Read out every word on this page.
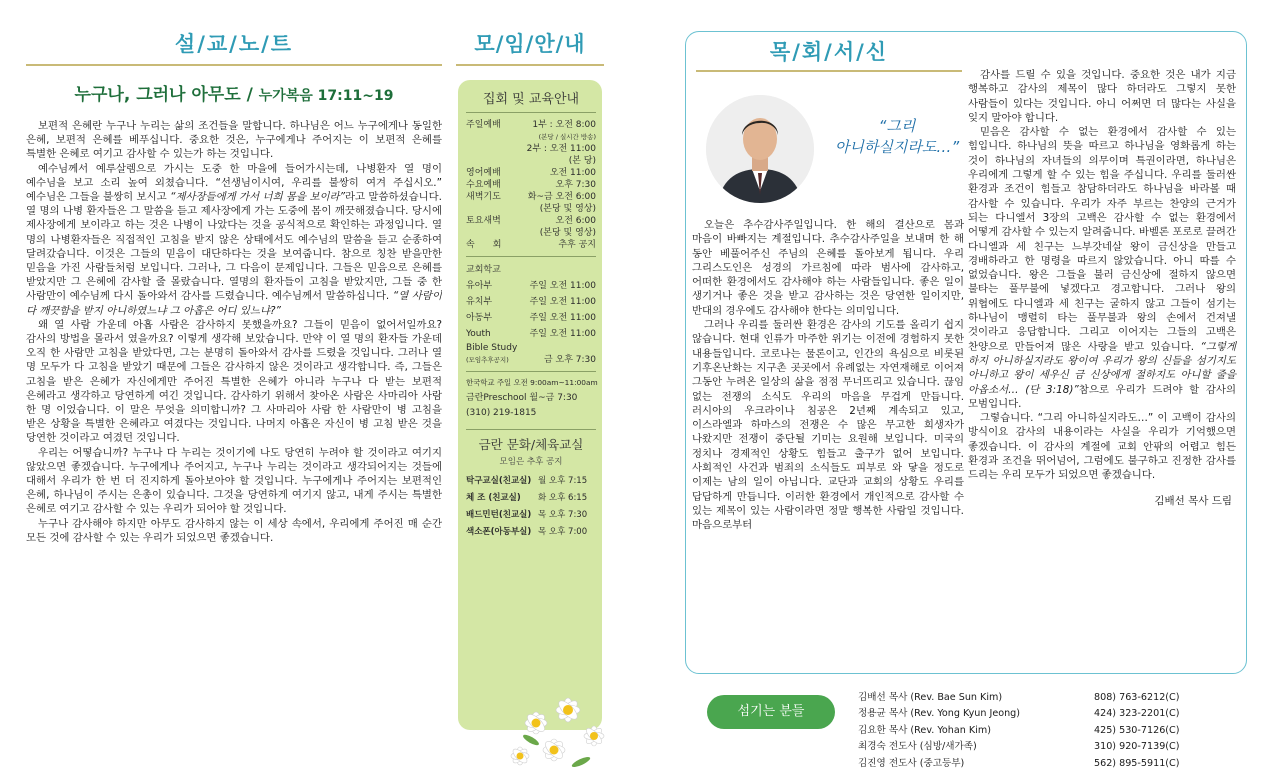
설/교/노/트
누구나, 그러나 아무도 / 누가복음 17:11~19

보편적 은혜란 누구나 누리는 삶의 조건들을 말합니다. 하나님은 어느 누구에게나 동일한 은혜, 보편적 은혜를 베푸십니다. 중요한 것은, 누구에게나 주어지는 이 보편적 은혜를 특별한 은혜로 여기고 감사할 수 있는가 하는 것입니다.

예수님께서 예루살렘으로 가시는 도중 한 마을에 들어가시는데, 나병환자 열 명이 예수님을 보고 소리 높여 외쳤습니다. “선생님이시여, 우리를 불쌍히 여겨 주십시오.” 예수님은 그들을 불쌍히 보시고 “제사장들에게 가서 너희 몸을 보이라”라고 말씀하셨습니다. 열 명의 나병 환자들은 그 말씀을 듣고 제사장에게 가는 도중에 몸이 깨끗해졌습니다. 당시에 제사장에게 보이라고 하는 것은 나병이 나았다는 것을 공식적으로 확인하는 과정입니다. 열 명의 나병환자들은 직접적인 고침을 받지 않은 상태에서도 예수님의 말씀을 듣고 순종하여 달려갔습니다. 이것은 그들의 믿음이 대단하다는 것을 보여줍니다. 참으로 칭찬 받을만한 믿음을 가진 사람들처럼 보입니다. 그러나, 그 다음이 문제입니다. 그들은 믿음으로 은혜를 받았지만 그 은혜에 감사할 줄 몰랐습니다. 열명의 환자들이 고침을 받았지만, 그들 중 한 사람만이 예수님께 다시 돌아와서 감사를 드렸습니다. 예수님께서 말씀하십니다. “열 사람이 다 깨끗함을 받지 아니하였느냐 그 아홉은 어디 있느냐?”

왜 열 사람 가운데 아홉 사람은 감사하지 못했을까요? 그들이 믿음이 없어서일까요? 감사의 방법을 몰라서 였을까요? 이렇게 생각해 보았습니다. 만약 이 열 명의 환자들 가운데 오직 한 사람만 고침을 받았다면, 그는 분명히 돌아와서 감사를 드렸을 것입니다. 그러나 열 명 모두가 다 고침을 받았기 때문에 그들은 감사하지 않은 것이라고 생각합니다. 즉, 그들은 고침을 받은 은혜가 자신에게만 주어진 특별한 은혜가 아니라 누구나 다 받는 보편적 은혜라고 생각하고 당연하게 여긴 것입니다. 감사하기 위해서 찾아온 사람은 사마리아 사람 한 명 이었습니다. 이 말은 무엇을 의미합니까? 그 사마리아 사람 한 사람만이 병 고침을 받은 상황을 특별한 은혜라고 여겼다는 것입니다. 나머지 아홉은 자신이 병 고침 받은 것을 당연한 것이라고 여겼던 것입니다.

우리는 어떻습니까? 누구나 다 누리는 것이기에 나도 당연히 누려야 할 것이라고 여기지 않았으면 좋겠습니다. 누구에게나 주어지고, 누구나 누리는 것이라고 생각되어지는 것들에 대해서 우리가 한 번 더 진지하게 돌아보아야 할 것입니다. 누구에게나 주어지는 보편적인 은혜, 하나님이 주시는 은총이 있습니다. 그것을 당연하게 여기지 않고, 내게 주시는 특별한 은혜로 여기고 감사할 수 있는 우리가 되어야 할 것입니다.

누구나 감사해야 하지만 아무도 감사하지 않는 이 세상 속에서, 우리에게 주어진 매 순간 모든 것에 감사할 수 있는 우리가 되었으면 좋겠습니다.

모/임/안/내
집회 및 교육안내
주일예배	1부 : 오전 8:00
(본당 / 실시간 방송)
2부 : 오전 11:00
(본 당)
영어예배	오전 11:00
수요예배	오후 7:30
새벽기도	화~금 오전 6:00
(본당 및 영상)
토요새벽	오전 6:00
(본당 및 영상)
속　　회	추후 공지
교회학교
유아부	주일 오전 11:00
유치부	주일 오전 11:00
아동부	주일 오전 11:00
Youth	주일 오전 11:00
Bible Study
(모임추후공지)	금 오후 7:30
한국학교 주일 오전 9:00am~11:00am
금란Preschool 월~금 7:30
(310) 219-1815
금란 문화/체육교실
모임은 추후 공지
탁구교실(친교실) 월 오후 7:15
체 조 (친교실)	화 오후 6:15
배드민턴(친교실) 목 오후 7:30
색소폰(아동부실) 목 오후 7:00
목/회/서/신
“그리
아니하실지라도…”

오늘은 추수감사주일입니다. 한 해의 결산으로 몸과 마음이 바빠지는 계절입니다. 추수감사주일을 보내며 한 해 동안 베풀어주신 주님의 은혜를 돌아보게 됩니다. 우리 그리스도인은 성경의 가르침에 따라 범사에 감사하고, 어떠한 환경에서도 감사해야 하는 사람들입니다. 좋은 일이 생기거나 좋은 것을 받고 감사하는 것은 당연한 일이지만, 반대의 경우에도 감사해야 한다는 의미입니다.

그러나 우리를 둘러싼 환경은 감사의 기도를 올리기 쉽지 않습니다. 현대 인류가 마주한 위기는 이전에 경험하지 못한 내용들입니다. 코로나는 물론이고, 인간의 욕심으로 비롯된 기후온난화는 지구촌 곳곳에서 유례없는 자연재해로 이어져 그동안 누려온 일상의 삶을 점점 무너뜨리고 있습니다. 끊임 없는 전쟁의 소식도 우리의 마음을 무겁게 만듭니다. 러시아의 우크라이나 침공은 2년째 계속되고 있고, 이스라엘과 하마스의 전쟁은 수 많은 무고한 희생자가 나왔지만 전쟁이 중단될 기미는 요원해 보입니다. 미국의 정치나 경제적인 상황도 힘들고 출구가 없어 보입니다. 사회적인 사건과 범죄의 소식들도 피부로 와 닿을 정도로 이제는 남의 일이 아닙니다. 교단과 교회의 상황도 우리를 답답하게 만듭니다. 이러한 환경에서 개인적으로 감사할 수 있는 제목이 있는 사람이라면 정말 행복한 사람일 것입니다. 마음으로부터

감사를 드릴 수 있을 것입니다. 중요한 것은 내가 지금 행복하고 감사의 제목이 많다 하더라도 그렇지 못한 사람들이 있다는 것입니다. 아니 어쩌면 더 많다는 사실을 잊지 말아야 합니다.

믿음은 감사할 수 없는 환경에서 감사할 수 있는 힘입니다. 하나님의 뜻을 따르고 하나님을 영화롭게 하는 것이 하나님의 자녀들의 의무이며 특권이라면, 하나님은 우리에게 그렇게 할 수 있는 힘을 주십니다. 우리를 둘러싼 환경과 조건이 힘들고 참담하더라도 하나님을 바라볼 때 감사할 수 있습니다. 우리가 자주 부르는 찬양의 근거가 되는 다니엘서 3장의 고백은 감사할 수 없는 환경에서 어떻게 감사할 수 있는지 알려줍니다. 바벨론 포로로 끌려간 다니엘과 세 친구는 느부갓네살 왕이 금신상을 만들고 경배하라고 한 명령을 따르지 않았습니다. 아니 따를 수 없었습니다. 왕은 그들을 불러 금신상에 절하지 않으면 불타는 풀무불에 넣겠다고 경고합니다. 그러나 왕의 위협에도 다니엘과 세 친구는 굴하지 않고 그들이 섬기는 하나님이 맹렬히 타는 풀무불과 왕의 손에서 건져낼 것이라고 응답합니다. 그리고 이어지는 그들의 고백은 찬양으로 만들어져 많은 사랑을 받고 있습니다. “그렇게 하지 아니하실지라도 왕이여 우리가 왕의 신들을 섬기지도 아니하고 왕이 세우신 금 신상에게 절하지도 아니할 줄을 아옵소서… (단 3:18)”참으로 우리가 드려야 할 감사의 모범입니다.

그렇습니다. “그리 아니하실지라도…” 이 고백이 감사의 방식이요 감사의 내용이라는 사실을 우리가 기억했으면 좋겠습니다. 이 감사의 계절에 교회 안팎의 어렵고 힘든 환경과 조건을 뛰어넘어, 그럼에도 불구하고 진정한 감사를 드리는 우리 모두가 되었으면 좋겠습니다.

김배선 목사 드림
섬기는 분들
김배선 목사 (Rev. Bae Sun Kim)	808) 763-6212(C)
정용균 목사 (Rev. Yong Kyun Jeong)	424) 323-2201(C)
김요한 목사 (Rev. Yohan Kim)	425) 530-7126(C)
최경숙 전도사 (심방/새가족)	310) 920-7139(C)
김진영 전도사 (중고등부)	562) 895-5911(C)
